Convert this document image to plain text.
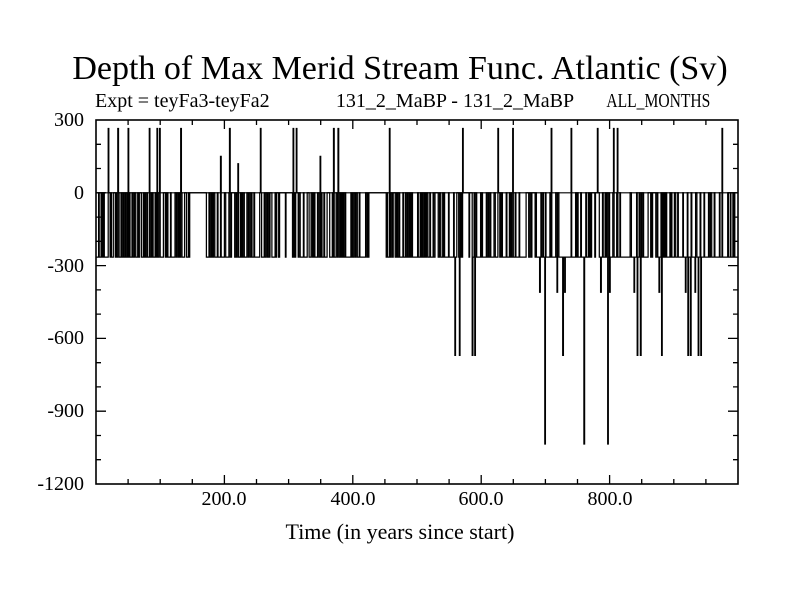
Depth of Max Merid Stream Func. Atlantic (Sv)
Expt = teyFa3-teyFa2	131_2_MaBP - 131_2_MaBP ALL_MONTHS
300
0
-300
-600
-900
-1200
200.0	400.0	600.0	800.0
Time (in years since start)
